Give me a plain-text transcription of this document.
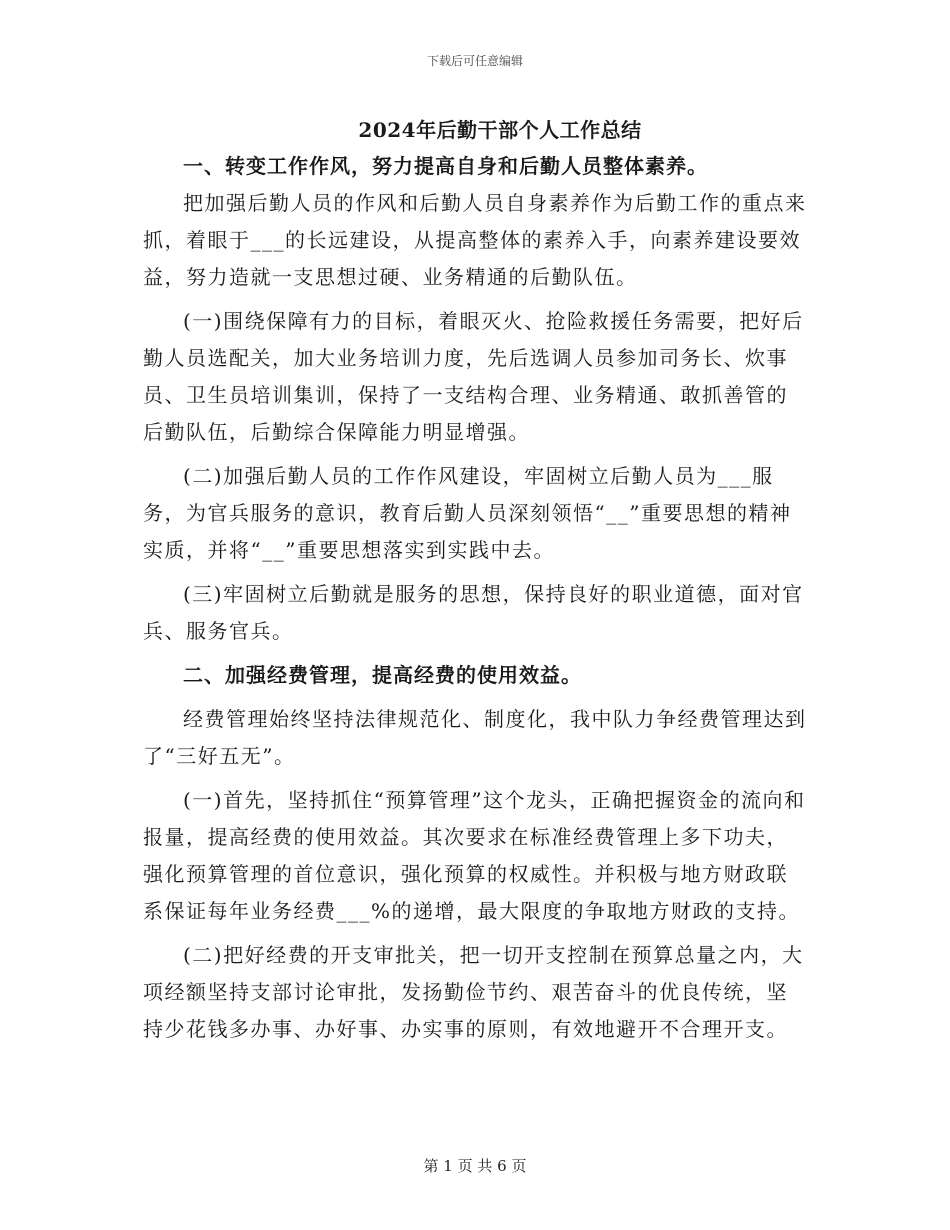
下载后可任意编辑
2024年后勤干部个人工作总结

一、转变工作作风，努力提高自身和后勤人员整体素养。

把加强后勤人员的作风和后勤人员自身素养作为后勤工作的重点来抓，着眼于___的长远建设，从提高整体的素养入手，向素养建设要效益，努力造就一支思想过硬、业务精通的后勤队伍。

(一)围绕保障有力的目标，着眼灭火、抢险救援任务需要，把好后勤人员选配关，加大业务培训力度，先后选调人员参加司务长、炊事员、卫生员培训集训，保持了一支结构合理、业务精通、敢抓善管的后勤队伍，后勤综合保障能力明显增强。

(二)加强后勤人员的工作作风建设，牢固树立后勤人员为___服务，为官兵服务的意识，教育后勤人员深刻领悟“__”重要思想的精神实质，并将“__”重要思想落实到实践中去。

(三)牢固树立后勤就是服务的思想，保持良好的职业道德，面对官兵、服务官兵。

二、加强经费管理，提高经费的使用效益。

经费管理始终坚持法律规范化、制度化，我中队力争经费管理达到了“三好五无”。

(一)首先，坚持抓住“预算管理”这个龙头，正确把握资金的流向和报量，提高经费的使用效益。其次要求在标准经费管理上多下功夫，强化预算管理的首位意识，强化预算的权威性。并积极与地方财政联系保证每年业务经费___%的递增，最大限度的争取地方财政的支持。

(二)把好经费的开支审批关，把一切开支控制在预算总量之内，大项经额坚持支部讨论审批，发扬勤俭节约、艰苦奋斗的优良传统，坚持少花钱多办事、办好事、办实事的原则，有效地避开不合理开支。

第 1 页 共 6 页
